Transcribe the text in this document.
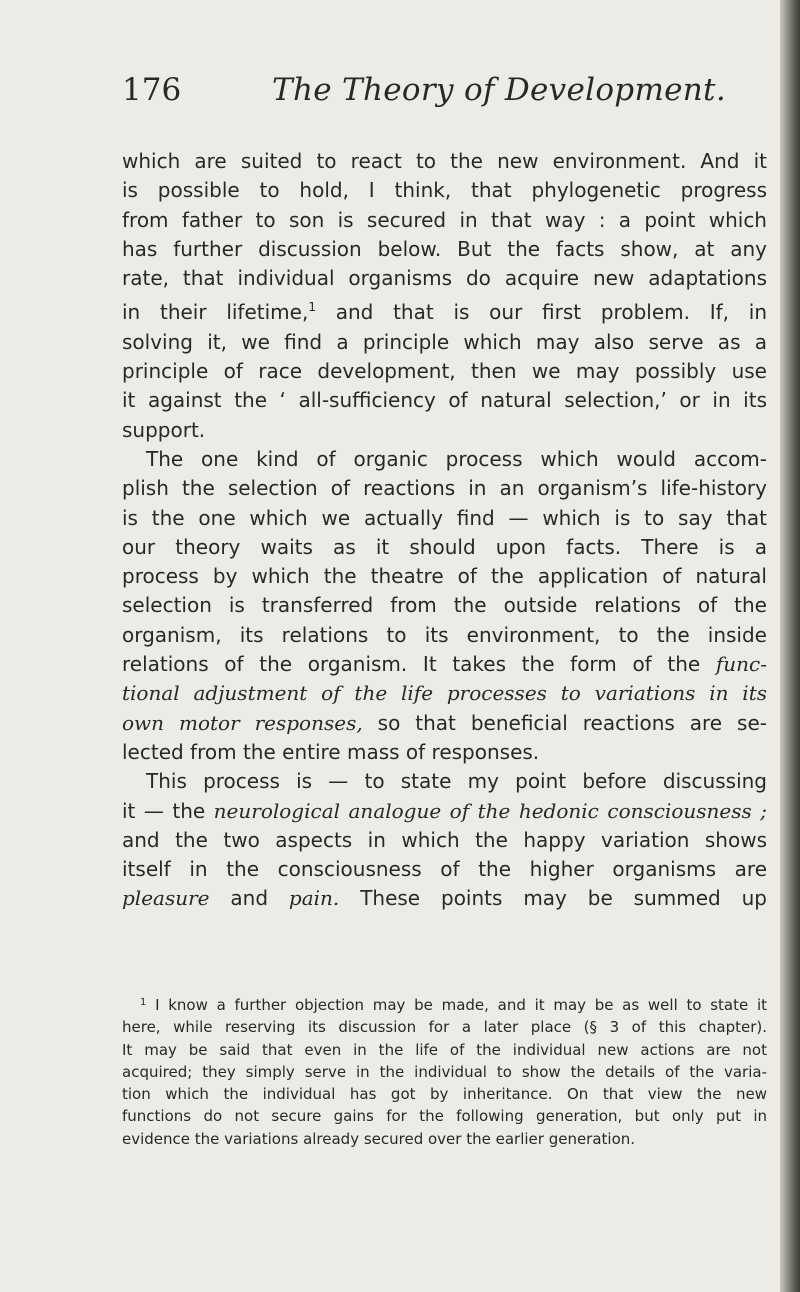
176	The Theory of Development.
which are suited to react to the new environment. And it
is possible to hold, I think, that phylogenetic progress
from father to son is secured in that way : a point which
has further discussion below. But the facts show, at any
rate, that individual organisms do acquire new adaptations
in their lifetime,$^1$ and that is our first problem. If, in
solving it, we find a principle which may also serve as a
principle of race development, then we may possibly use
it against the ‘ all-sufficiency of natural selection,’ or in its
support.
The one kind of organic process which would accom-
plish the selection of reactions in an organism’s life-history
is the one which we actually find — which is to say that
our theory waits as it should upon facts. There is a
process by which the theatre of the application of natural
selection is transferred from the outside relations of the
organism, its relations to its environment, to the inside
relations of the organism. It takes the form of the func-
tional adjustment of the life processes to variations in its
own motor responses, so that beneficial reactions are se-
lected from the entire mass of responses.
This process is — to state my point before discussing
it — the neurological analogue of the hedonic consciousness ;
and the two aspects in which the happy variation shows
itself in the consciousness of the higher organisms are
pleasure and pain. These points may be summed up
$^1$ I know a further objection may be made, and it may be as well to state it
here, while reserving its discussion for a later place (§ 3 of this chapter).
It may be said that even in the life of the individual new actions are not
acquired; they simply serve in the individual to show the details of the varia-
tion which the individual has got by inheritance. On that view the new
functions do not secure gains for the following generation, but only put in
evidence the variations already secured over the earlier generation.
